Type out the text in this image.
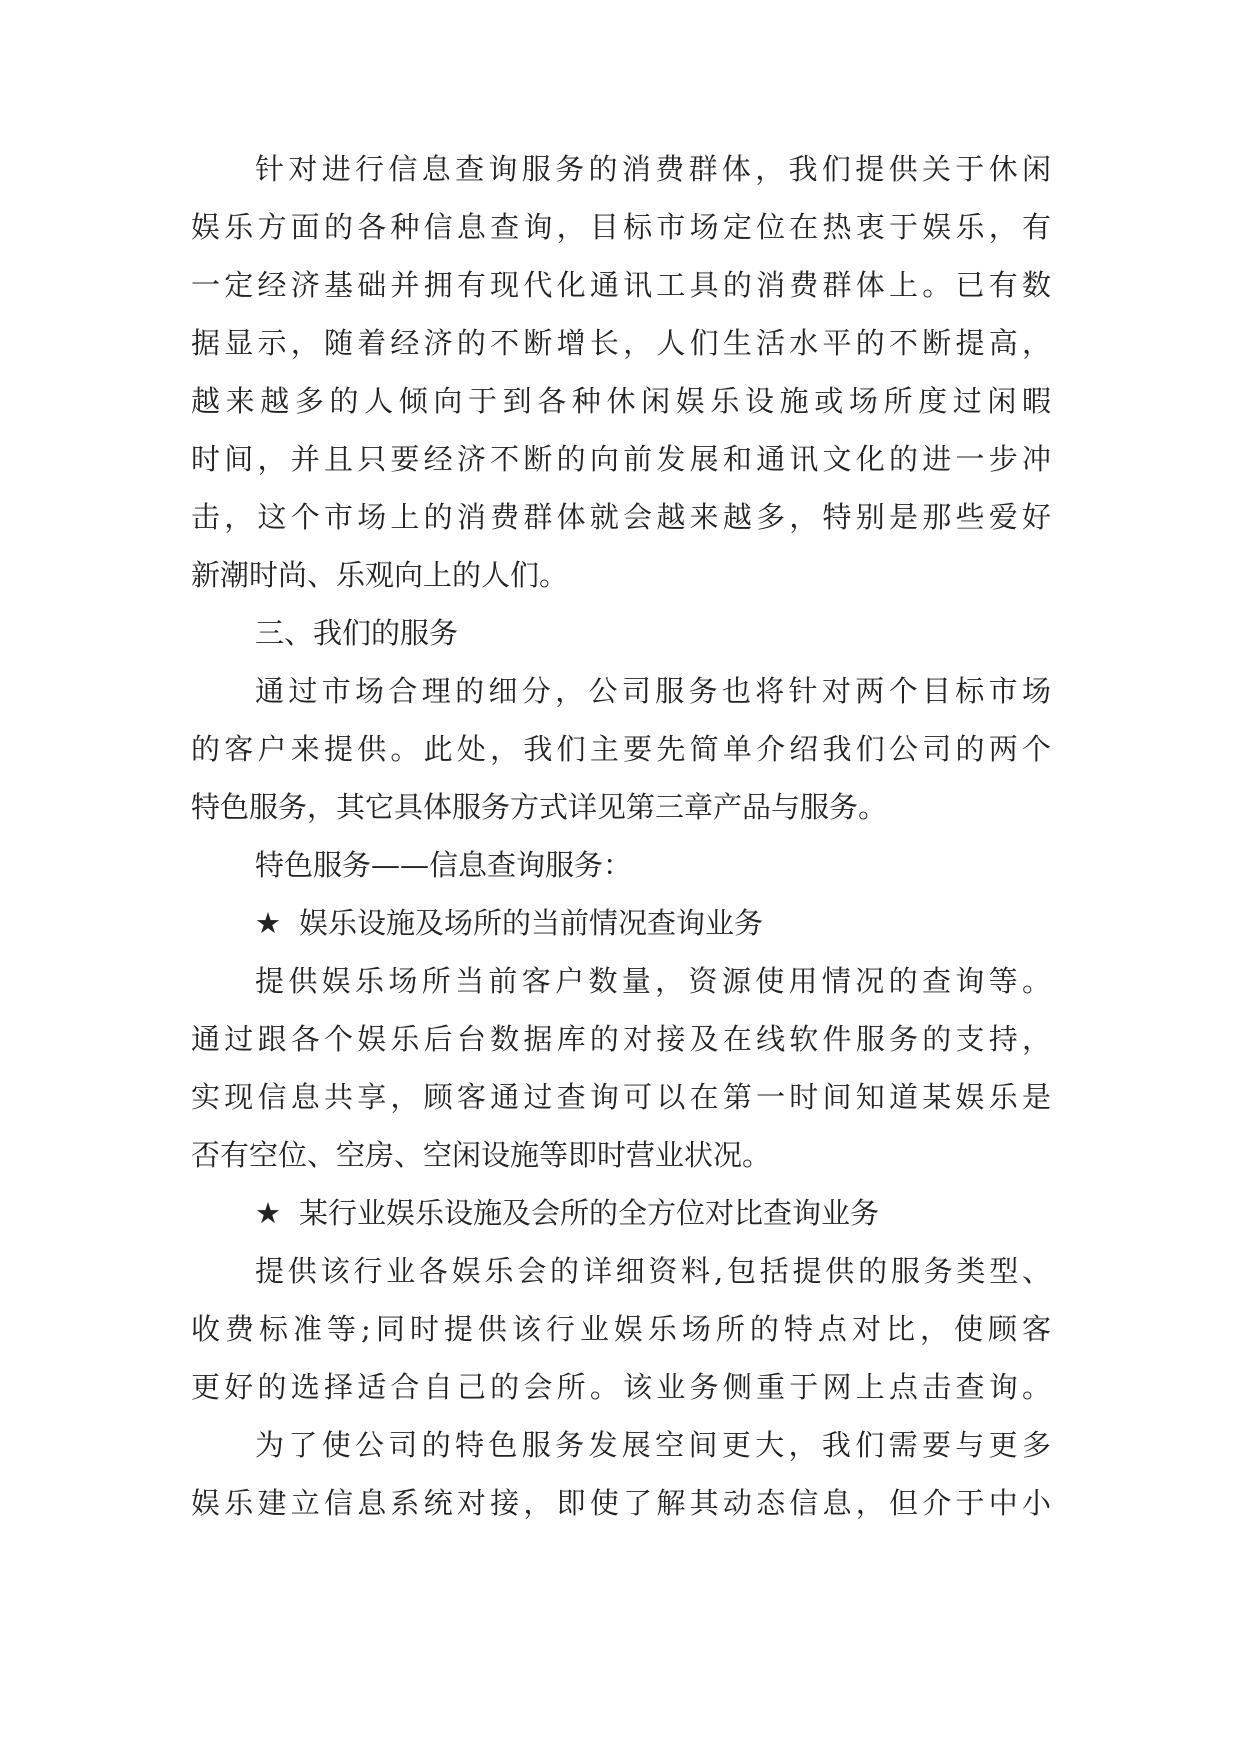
针对进行信息查询服务的消费群体，我们提供关于休闲
娱乐方面的各种信息查询，目标市场定位在热衷于娱乐，有
一定经济基础并拥有现代化通讯工具的消费群体上。已有数
据显示，随着经济的不断增长，人们生活水平的不断提高，
越来越多的人倾向于到各种休闲娱乐设施或场所度过闲暇
时间，并且只要经济不断的向前发展和通讯文化的进一步冲
击，这个市场上的消费群体就会越来越多，特别是那些爱好
新潮时尚、乐观向上的人们。
三、我们的服务
通过市场合理的细分，公司服务也将针对两个目标市场
的客户来提供。此处，我们主要先简单介绍我们公司的两个
特色服务，其它具体服务方式详见第三章产品与服务。
特色服务——信息查询服务：
★ 娱乐设施及场所的当前情况查询业务
提供娱乐场所当前客户数量，资源使用情况的查询等。
通过跟各个娱乐后台数据库的对接及在线软件服务的支持，
实现信息共享，顾客通过查询可以在第一时间知道某娱乐是
否有空位、空房、空闲设施等即时营业状况。
★ 某行业娱乐设施及会所的全方位对比查询业务
提供该行业各娱乐会的详细资料,包括提供的服务类型、
收费标准等;同时提供该行业娱乐场所的特点对比，使顾客
更好的选择适合自己的会所。该业务侧重于网上点击查询。
为了使公司的特色服务发展空间更大，我们需要与更多
娱乐建立信息系统对接，即使了解其动态信息，但介于中小
